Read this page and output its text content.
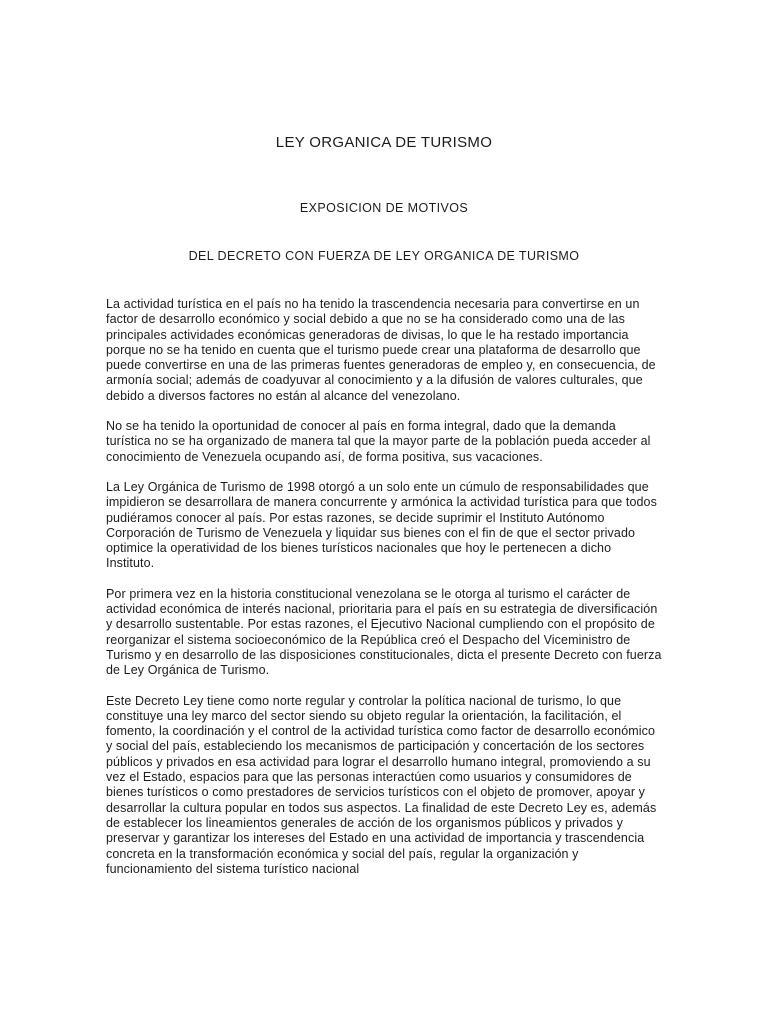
LEY ORGANICA DE TURISMO
EXPOSICION DE MOTIVOS
DEL DECRETO CON FUERZA DE LEY ORGANICA DE TURISMO

La actividad turística en el país no ha tenido la trascendencia necesaria para convertirse en un factor de desarrollo económico y social debido a que no se ha considerado como una de las principales actividades económicas generadoras de divisas, lo que le ha restado importancia porque no se ha tenido en cuenta que el turismo puede crear una plataforma de desarrollo que puede convertirse en una de las primeras fuentes generadoras de empleo y, en consecuencia, de armonía social; además de coadyuvar al conocimiento y a la difusión de valores culturales, que debido a diversos factores no están al alcance del venezolano.

No se ha tenido la oportunidad de conocer al país en forma integral, dado que la demanda turística no se ha organizado de manera tal que la mayor parte de la población pueda acceder al conocimiento de Venezuela ocupando así, de forma positiva, sus vacaciones.

La Ley Orgánica de Turismo de 1998 otorgó a un solo ente un cúmulo de responsabilidades que impidieron se desarrollara de manera concurrente y armónica la actividad turística para que todos pudiéramos conocer al país. Por estas razones, se decide suprimir el Instituto Autónomo Corporación de Turismo de Venezuela y liquidar sus bienes con el fin de que el sector privado optimice la operatividad de los bienes turísticos nacionales que hoy le pertenecen a dicho Instituto.

Por primera vez en la historia constitucional venezolana se le otorga al turismo el carácter de actividad económica de interés nacional, prioritaria para el país en su estrategia de diversificación y desarrollo sustentable. Por estas razones, el Ejecutivo Nacional cumpliendo con el propósito de reorganizar el sistema socioeconómico de la República creó el Despacho del Viceministro de Turismo y en desarrollo de las disposiciones constitucionales, dicta el presente Decreto con fuerza de Ley Orgánica de Turismo.

Este Decreto Ley tiene como norte regular y controlar la política nacional de turismo, lo que constituye una ley marco del sector siendo su objeto regular la orientación, la facilitación, el fomento, la coordinación y el control de la actividad turística como factor de desarrollo económico y social del país, estableciendo los mecanismos de participación y concertación de los sectores públicos y privados en esa actividad para lograr el desarrollo humano integral, promoviendo a su vez el Estado, espacios para que las personas interactúen como usuarios y consumidores de bienes turísticos o como prestadores de servicios turísticos con el objeto de promover, apoyar y desarrollar la cultura popular en todos sus aspectos. La finalidad de este Decreto Ley es, además de establecer los lineamientos generales de acción de los organismos públicos y privados y preservar y garantizar los intereses del Estado en una actividad de importancia y trascendencia concreta en la transformación económica y social del país, regular la organización y funcionamiento del sistema turístico nacional
